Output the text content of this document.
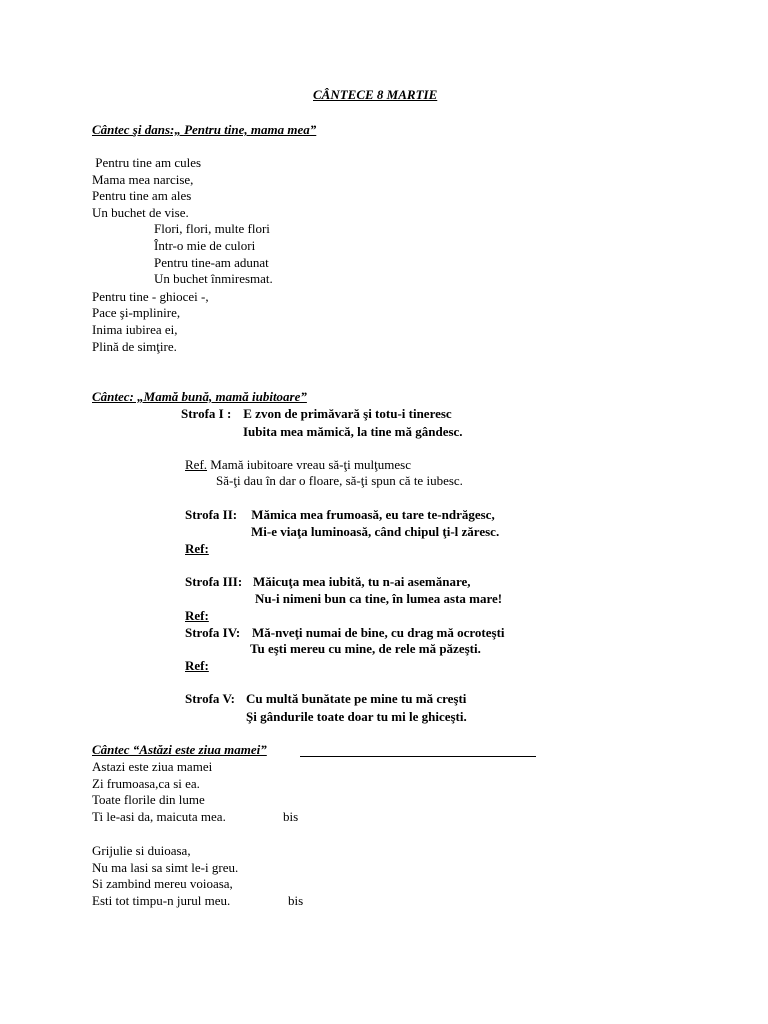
CÂNTECE 8 MARTIE
Cântec şi dans:„ Pentru tine, mama mea”
Pentru tine am cules
Mama mea narcise,
Pentru tine am ales
Un buchet de vise.
Flori, flori, multe flori
Într-o mie de culori
Pentru tine-am adunat
Un buchet înmiresmat.
Pentru tine - ghiocei -,
Pace şi-mplinire,
Inima iubirea ei,
Plină de simţire.
Cântec: „Mamă bună, mamă iubitoare”
Strofa I : E zvon de primăvară şi totu-i tineresc
Iubita mea mămică, la tine mă gândesc.
Ref. Mamă iubitoare vreau să-ţi mulţumesc
Să-ţi dau în dar o floare, să-ţi spun că te iubesc.
Strofa II: Mămica mea frumoasă, eu tare te-ndrăgesc,
Mi-e viaţa luminoasă, când chipul ţi-l zăresc.
Ref:
Strofa III: Măicuţa mea iubită, tu n-ai asemănare,
Nu-i nimeni bun ca tine, în lumea asta mare!
Ref:
Strofa IV: Mă-nveţi numai de bine, cu drag mă ocroteşti
Tu eşti mereu cu mine, de rele mă păzeşti.
Ref:
Strofa V: Cu multă bunătate pe mine tu mă creşti
Şi gândurile toate doar tu mi le ghiceşti.
Cântec “Astăzi este ziua mamei”
Astazi este ziua mamei
Zi frumoasa,ca si ea.
Toate florile din lume
Ti le-asi da, maicuta mea.	bis
Grijulie si duioasa,
Nu ma lasi sa simt le-i greu.
Si zambind mereu voioasa,
Esti tot timpu-n jurul meu.	bis
